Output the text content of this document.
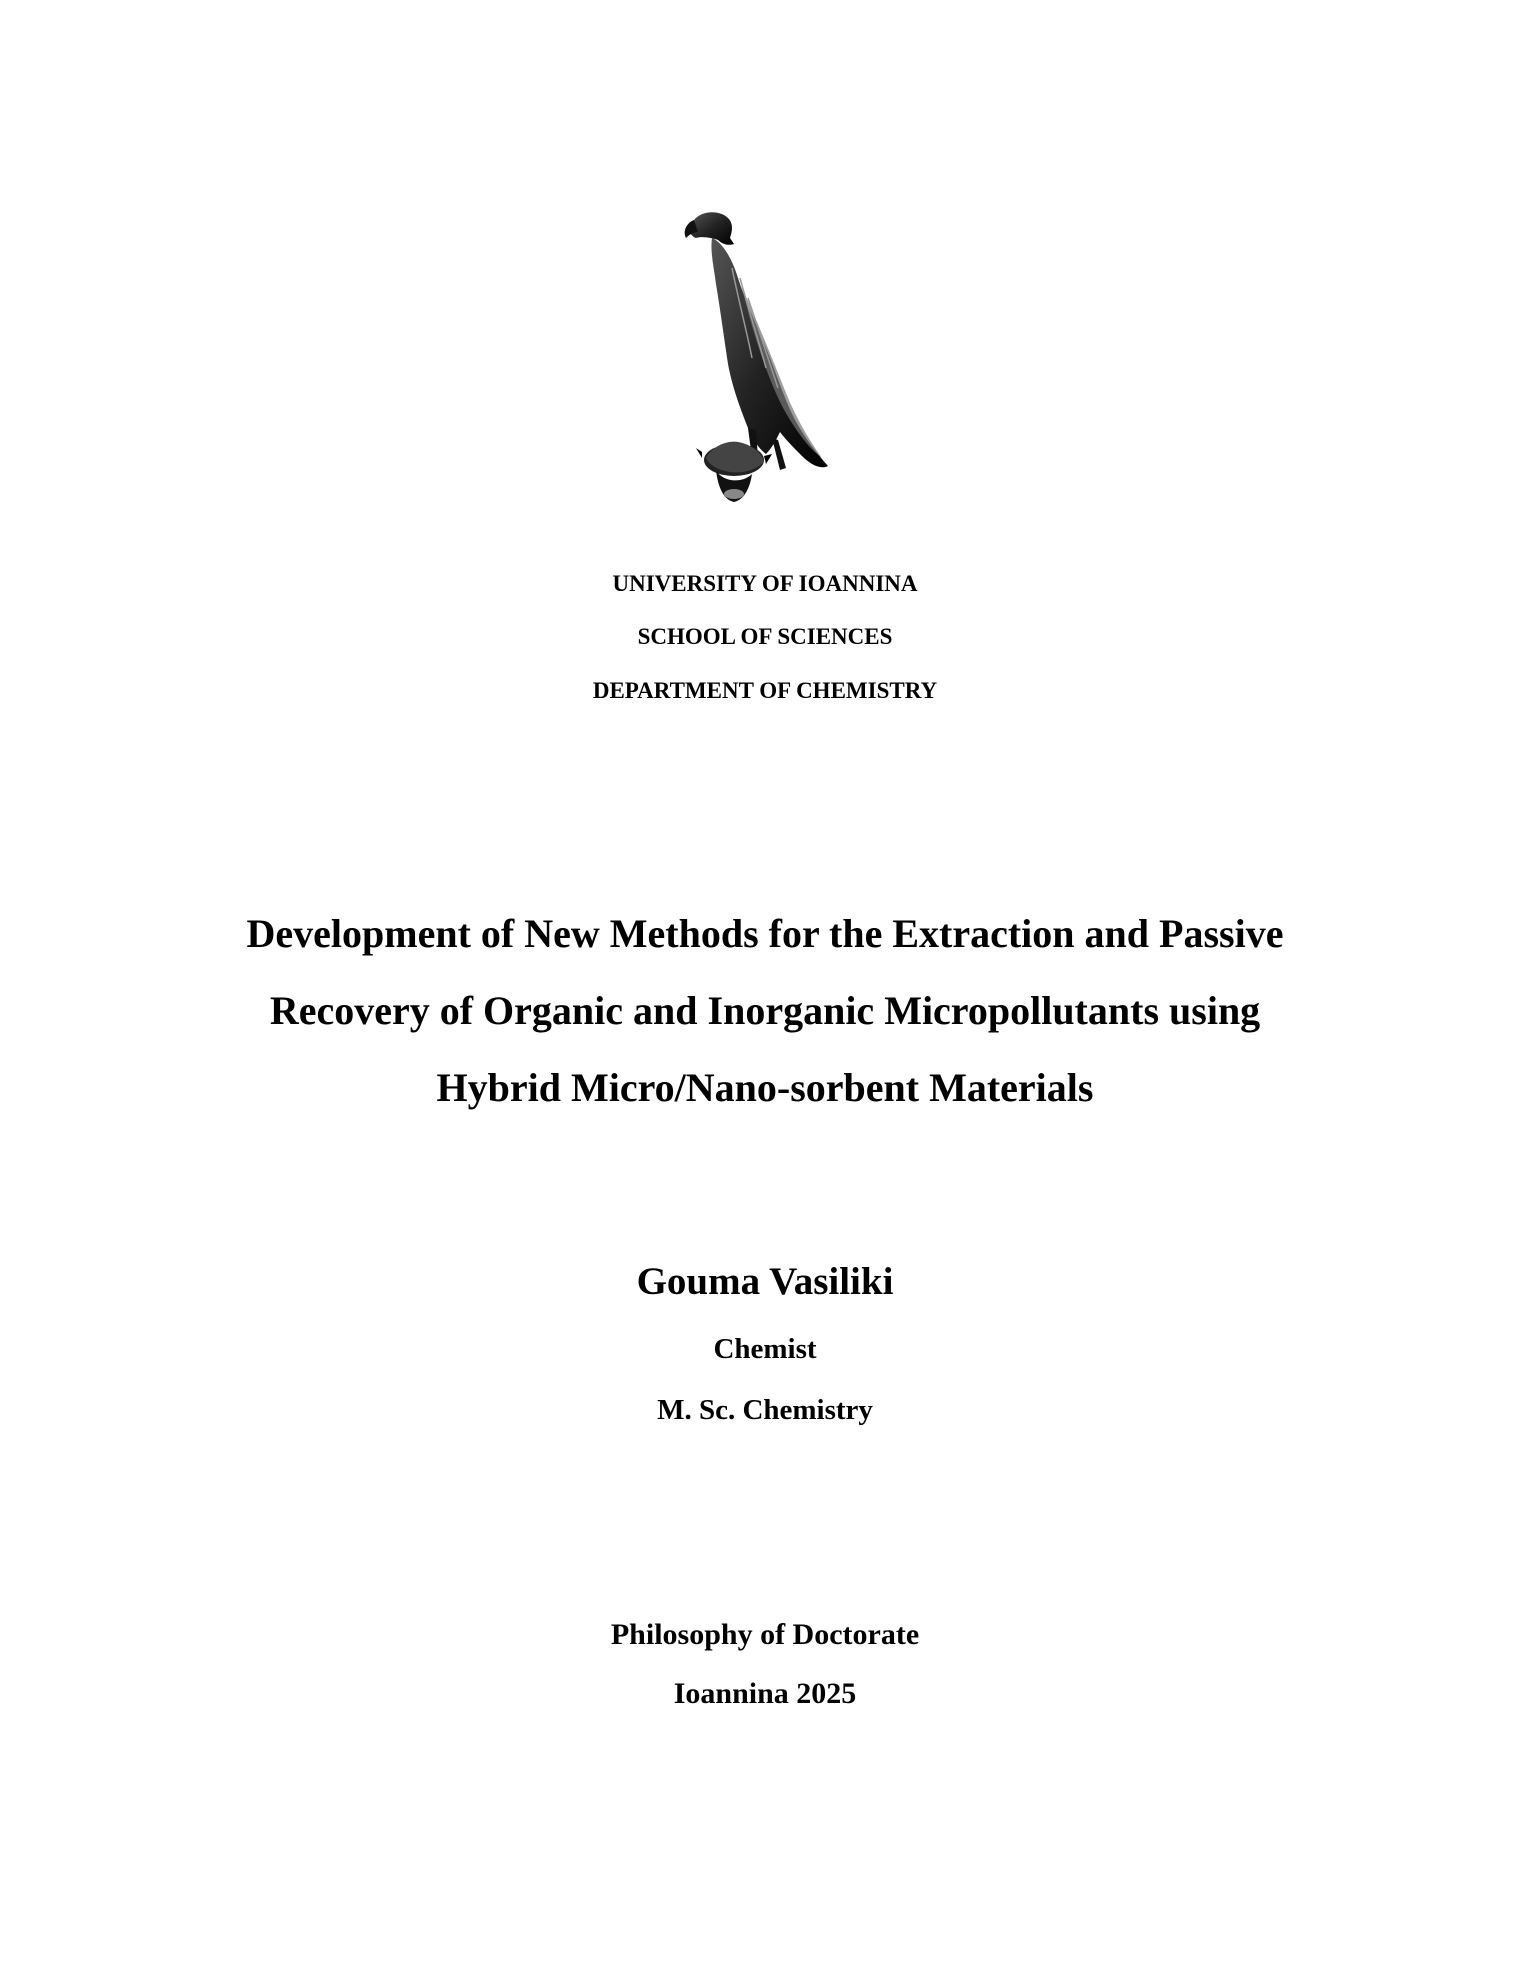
UNIVERSITY OF IOANNINA
SCHOOL OF SCIENCES
DEPARTMENT OF CHEMISTRY
Development of New Methods for the Extraction and Passive
Recovery of Organic and Inorganic Micropollutants using
Hybrid Micro/Nano-sorbent Materials
Gouma Vasiliki
Chemist
M. Sc. Chemistry
Philosophy of Doctorate
Ioannina 2025
